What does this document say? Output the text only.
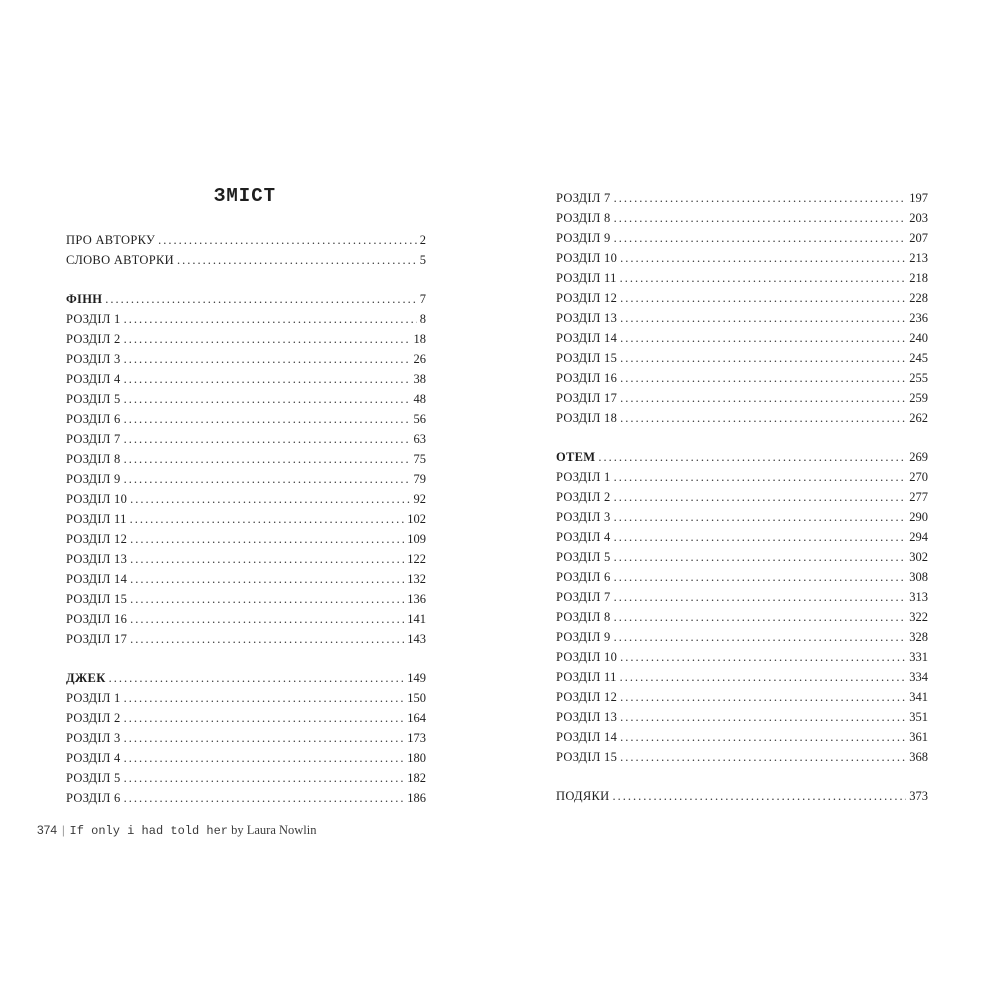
ЗМІСТ
ПРО АВТОРКУ .....	2
СЛОВО АВТОРКИ .....	5
ФІНН .....	7
РОЗДІЛ 1 .....	8
РОЗДІЛ 2 .....	18
РОЗДІЛ 3 .....	26
РОЗДІЛ 4 .....	38
РОЗДІЛ 5 .....	48
РОЗДІЛ 6 .....	56
РОЗДІЛ 7 .....	63
РОЗДІЛ 8 .....	75
РОЗДІЛ 9 .....	79
РОЗДІЛ 10 .....	92
РОЗДІЛ 11 .....	102
РОЗДІЛ 12 .....	109
РОЗДІЛ 13 .....	122
РОЗДІЛ 14 .....	132
РОЗДІЛ 15 .....	136
РОЗДІЛ 16 .....	141
РОЗДІЛ 17 .....	143
ДЖЕК .....	149
РОЗДІЛ 1 .....	150
РОЗДІЛ 2 .....	164
РОЗДІЛ 3 .....	173
РОЗДІЛ 4 .....	180
РОЗДІЛ 5 .....	182
РОЗДІЛ 6 .....	186
РОЗДІЛ 7 .....	197
РОЗДІЛ 8 .....	203
РОЗДІЛ 9 .....	207
РОЗДІЛ 10 .....	213
РОЗДІЛ 11 .....	218
РОЗДІЛ 12 .....	228
РОЗДІЛ 13 .....	236
РОЗДІЛ 14 .....	240
РОЗДІЛ 15 .....	245
РОЗДІЛ 16 .....	255
РОЗДІЛ 17 .....	259
РОЗДІЛ 18 .....	262
ОТЕМ .....	269
РОЗДІЛ 1 .....	270
РОЗДІЛ 2 .....	277
РОЗДІЛ 3 .....	290
РОЗДІЛ 4 .....	294
РОЗДІЛ 5 .....	302
РОЗДІЛ 6 .....	308
РОЗДІЛ 7 .....	313
РОЗДІЛ 8 .....	322
РОЗДІЛ 9 .....	328
РОЗДІЛ 10 .....	331
РОЗДІЛ 11 .....	334
РОЗДІЛ 12 .....	341
РОЗДІЛ 13 .....	351
РОЗДІЛ 14 .....	361
РОЗДІЛ 15 .....	368
ПОДЯКИ .....	373
374 | If only i had told her by Laura Nowlin
